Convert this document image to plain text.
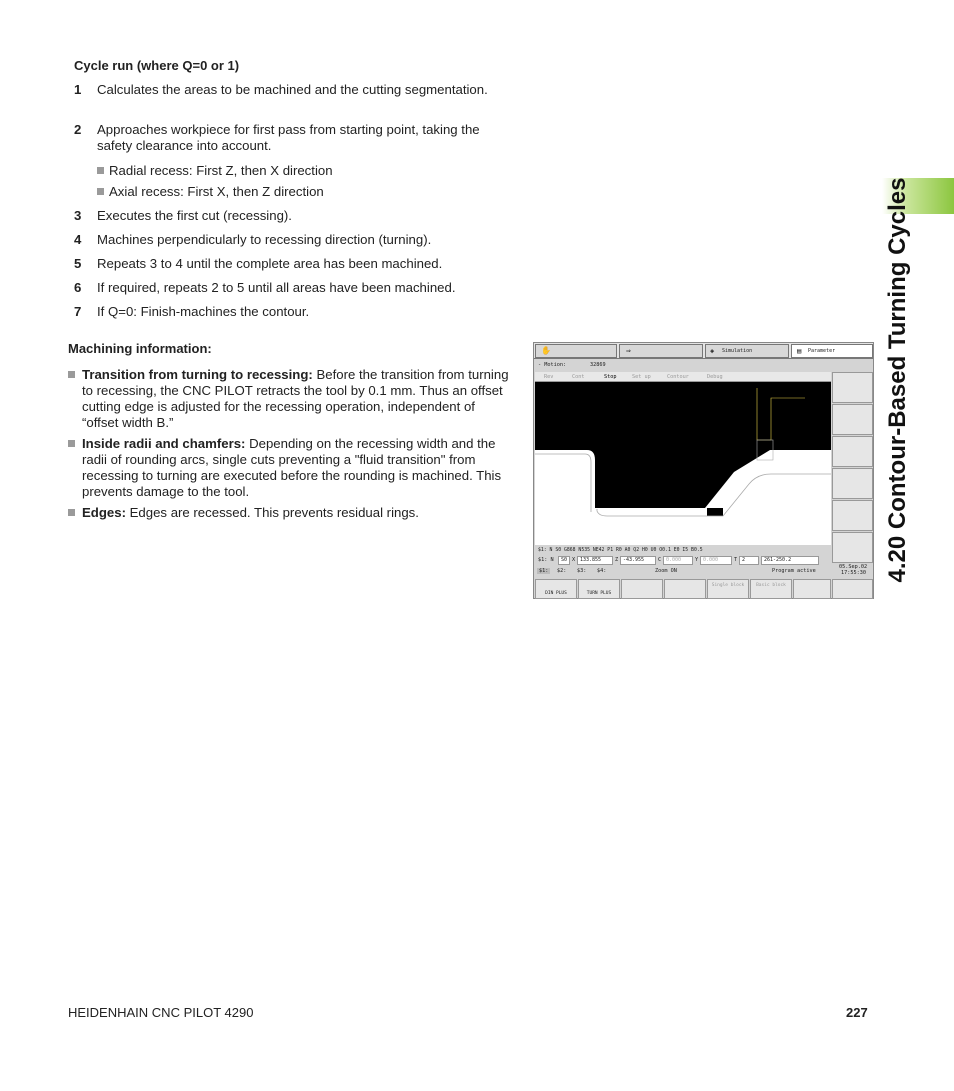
4.20 Contour-Based Turning Cycles
Cycle run (where Q=0 or 1)
1 Calculates the areas to be machined and the cutting segmentation.
2 Approaches workpiece for first pass from starting point, taking the safety clearance into account.
Radial recess: First Z, then X direction
Axial recess: First X, then Z direction
3 Executes the first cut (recessing).
4 Machines perpendicularly to recessing direction (turning).
5 Repeats 3 to 4 until the complete area has been machined.
6 If required, repeats 2 to 5 until all areas have been machined.
7 If Q=0: Finish-machines the contour.
Machining information:
Transition from turning to recessing: Before the transition from turning to recessing, the CNC PILOT retracts the tool by 0.1 mm. Thus an offset cutting edge is adjusted for the recessing operation, independent of “offset width B.”
Inside radii and chamfers: Depending on the recessing width and the radii of rounding arcs, single cuts preventing a "fluid transition" from recessing to turning are executed before the rounding is machined. This prevents damage to the tool.
Edges: Edges are recessed. This prevents residual rings.
✋	⇒	◈ Simulation	▤ Parameter
- Motion:	32869
Rev	Cont	Stop	Set up	Contour	Debug
$1: N S0 G868 N535 NE42 P1 R0 A0 Q2 H0 U0 O0.1 E0 I5 B0.5
$1: N	S0 X 133.855	Z -43.955	C 0.000	Y 0.000	T 2	261-250.2
$1:	$2: $3: $4:	Zoom ON	Program active
05.Sep.02
17:55:30
DIN PLUS	TURN PLUS
Single block	Basic block
HEIDENHAIN CNC PILOT 4290	227
